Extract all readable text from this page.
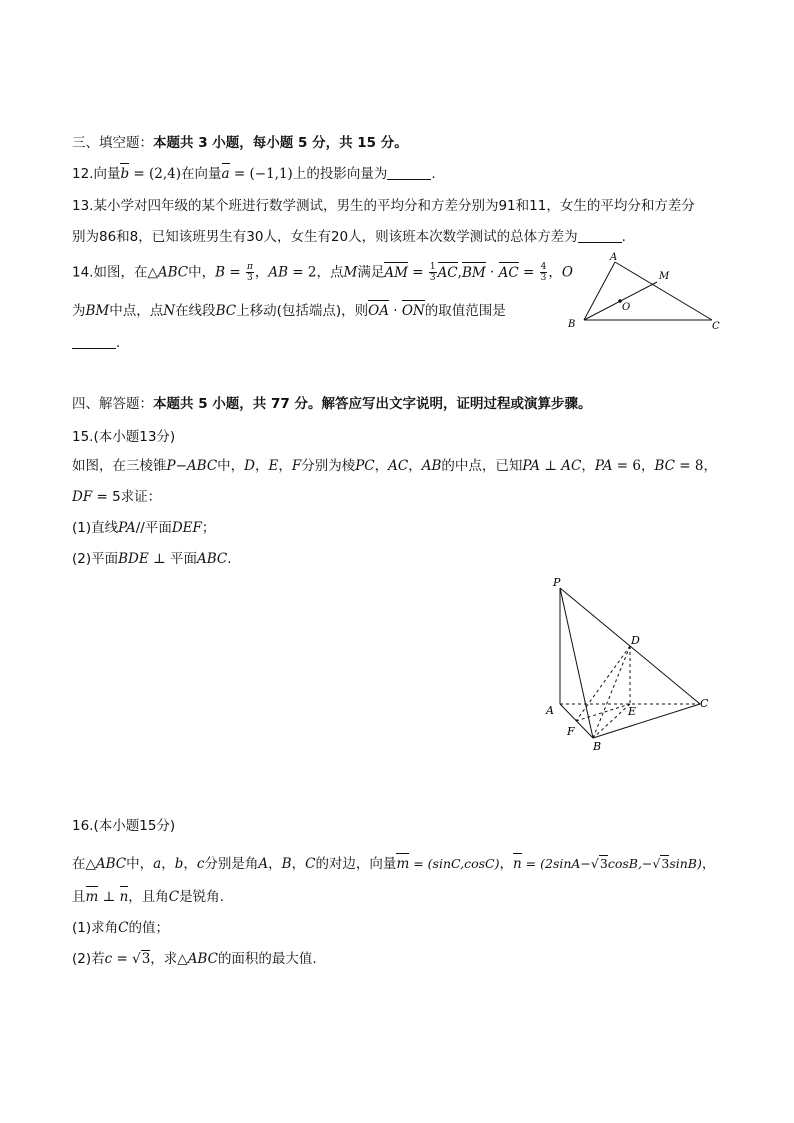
三、填空题：本题共 3 小题，每小题 5 分，共 15 分。
12.向量b = (2,4)在向量a = (−1,1)上的投影向量为	.
13.某小学对四年级的某个班进行数学测试，男生的平均分和方差分别为91和11，女生的平均分和方差分
别为86和8，已知该班男生有30人，女生有20人，则该班本次数学测试的总体方差为	.
14.如图，在△ABC中，$B = \frac{\pi}{3}$ ，AB = 2，点M满足AM = $\frac{1}{3} AC,BM$ · AC = $\frac{4}{3}$ ，O
为BM中点，点N在线段BC上移动(包括端点)，则OA · ON的取值范围是
.
A
M
O
B	C
四、解答题：本题共 5 小题，共 77 分。解答应写出文字说明，证明过程或演算步骤。
15.(本小题13分)
如图，在三棱锥P−ABC中，D，E，F分别为棱PC，AC，AB的中点，已知PA ⊥ AC，PA = 6，BC = 8，
DF = 5求证：
(1)直线PA//平面DEF；
(2)平面BDE ⊥ 平面ABC.
P
D
A	E
C
F
B
16.(本小题15分)
在△ABC中，a，b，c分别是角A，B，C的对边，向量m = (sinC,cosC)，n = (2sinA−√3cosB,−√3sinB)，
且m ⊥ n，且角C是锐角.
(1)求角C的值；
(2)若c = √3，求△ABC的面积的最大值.
